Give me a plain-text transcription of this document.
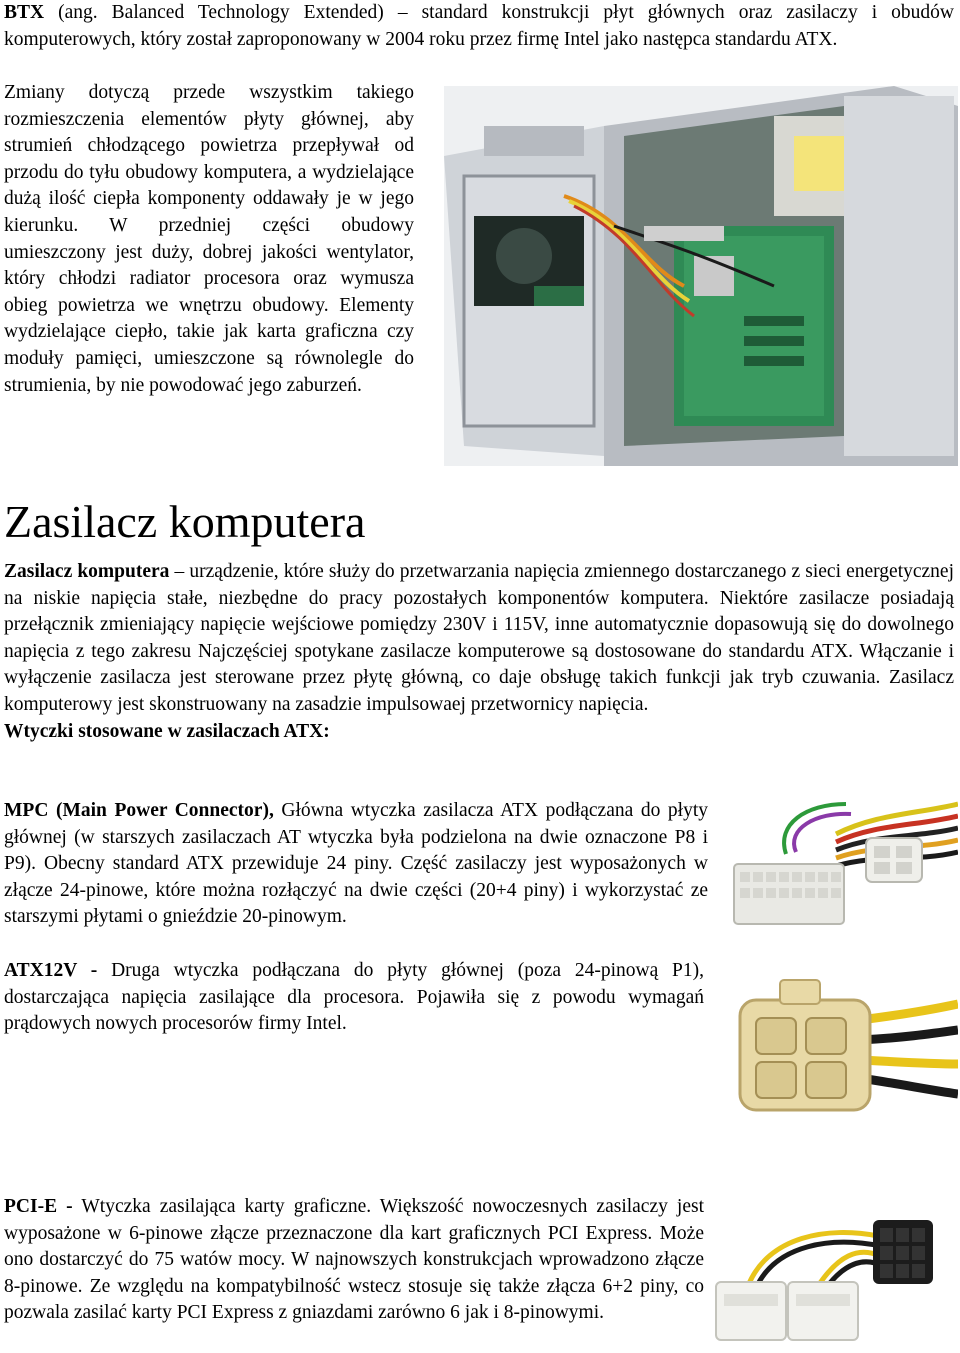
BTX (ang. Balanced Technology Extended) – standard konstrukcji płyt głównych oraz zasilaczy i obudów komputerowych, który został zaproponowany w 2004 roku przez firmę Intel jako następca standardu ATX.

Zmiany dotyczą przede wszystkim takiego rozmieszczenia elementów płyty głównej, aby strumień chłodzącego powietrza przepływał od przodu do tyłu obudowy komputera, a wydzielające dużą ilość ciepła komponenty oddawały je w jego kierunku. W przedniej części obudowy umieszczony jest duży, dobrej jakości wentylator, który chłodzi radiator procesora oraz wymusza obieg powietrza we wnętrzu obudowy. Elementy wydzielające ciepło, takie jak karta graficzna czy moduły pamięci, umieszczone są równolegle do strumienia, by nie powodować jego zaburzeń.

Zasilacz komputera

Zasilacz komputera – urządzenie, które służy do przetwarzania napięcia zmiennego dostarczanego z sieci energetycznej na niskie napięcia stałe, niezbędne do pracy pozostałych komponentów komputera. Niektóre zasilacze posiadają przełącznik zmieniający napięcie wejściowe pomiędzy 230V i 115V, inne automatycznie dopasowują się do dowolnego napięcia z tego zakresu Najczęściej spotykane zasilacze komputerowe są dostosowane do standardu ATX. Włączanie i wyłączenie zasilacza jest sterowane przez płytę główną, co daje obsługę takich funkcji jak tryb czuwania. Zasilacz komputerowy jest skonstruowany na zasadzie impulsowaej przetwornicy napięcia.

Wtyczki stosowane w zasilaczach ATX:

MPC (Main Power Connector), Główna wtyczka zasilacza ATX podłączana do płyty głównej (w starszych zasilaczach AT wtyczka była podzielona na dwie oznaczone P8 i P9). Obecny standard ATX przewiduje 24 piny. Część zasilaczy jest wyposażonych w złącze 24-pinowe, które można rozłączyć na dwie części (20+4 piny) i wykorzystać ze starszymi płytami o gnieździe 20-pinowym.

ATX12V - Druga wtyczka podłączana do płyty głównej (poza 24-pinową P1), dostarczająca napięcia zasilające dla procesora. Pojawiła się z powodu wymagań prądowych nowych procesorów firmy Intel.

PCI-E - Wtyczka zasilająca karty graficzne. Większość nowoczesnych zasilaczy jest wyposażone w 6-pinowe złącze przeznaczone dla kart graficznych PCI Express. Może ono dostarczyć do 75 watów mocy. W najnowszych konstrukcjach wprowadzono złącze 8-pinowe. Ze względu na kompatybilność wstecz stosuje się także złącza 6+2 piny, co pozwala zasilać karty PCI Express z gniazdami zarówno 6 jak i 8-pinowymi.
